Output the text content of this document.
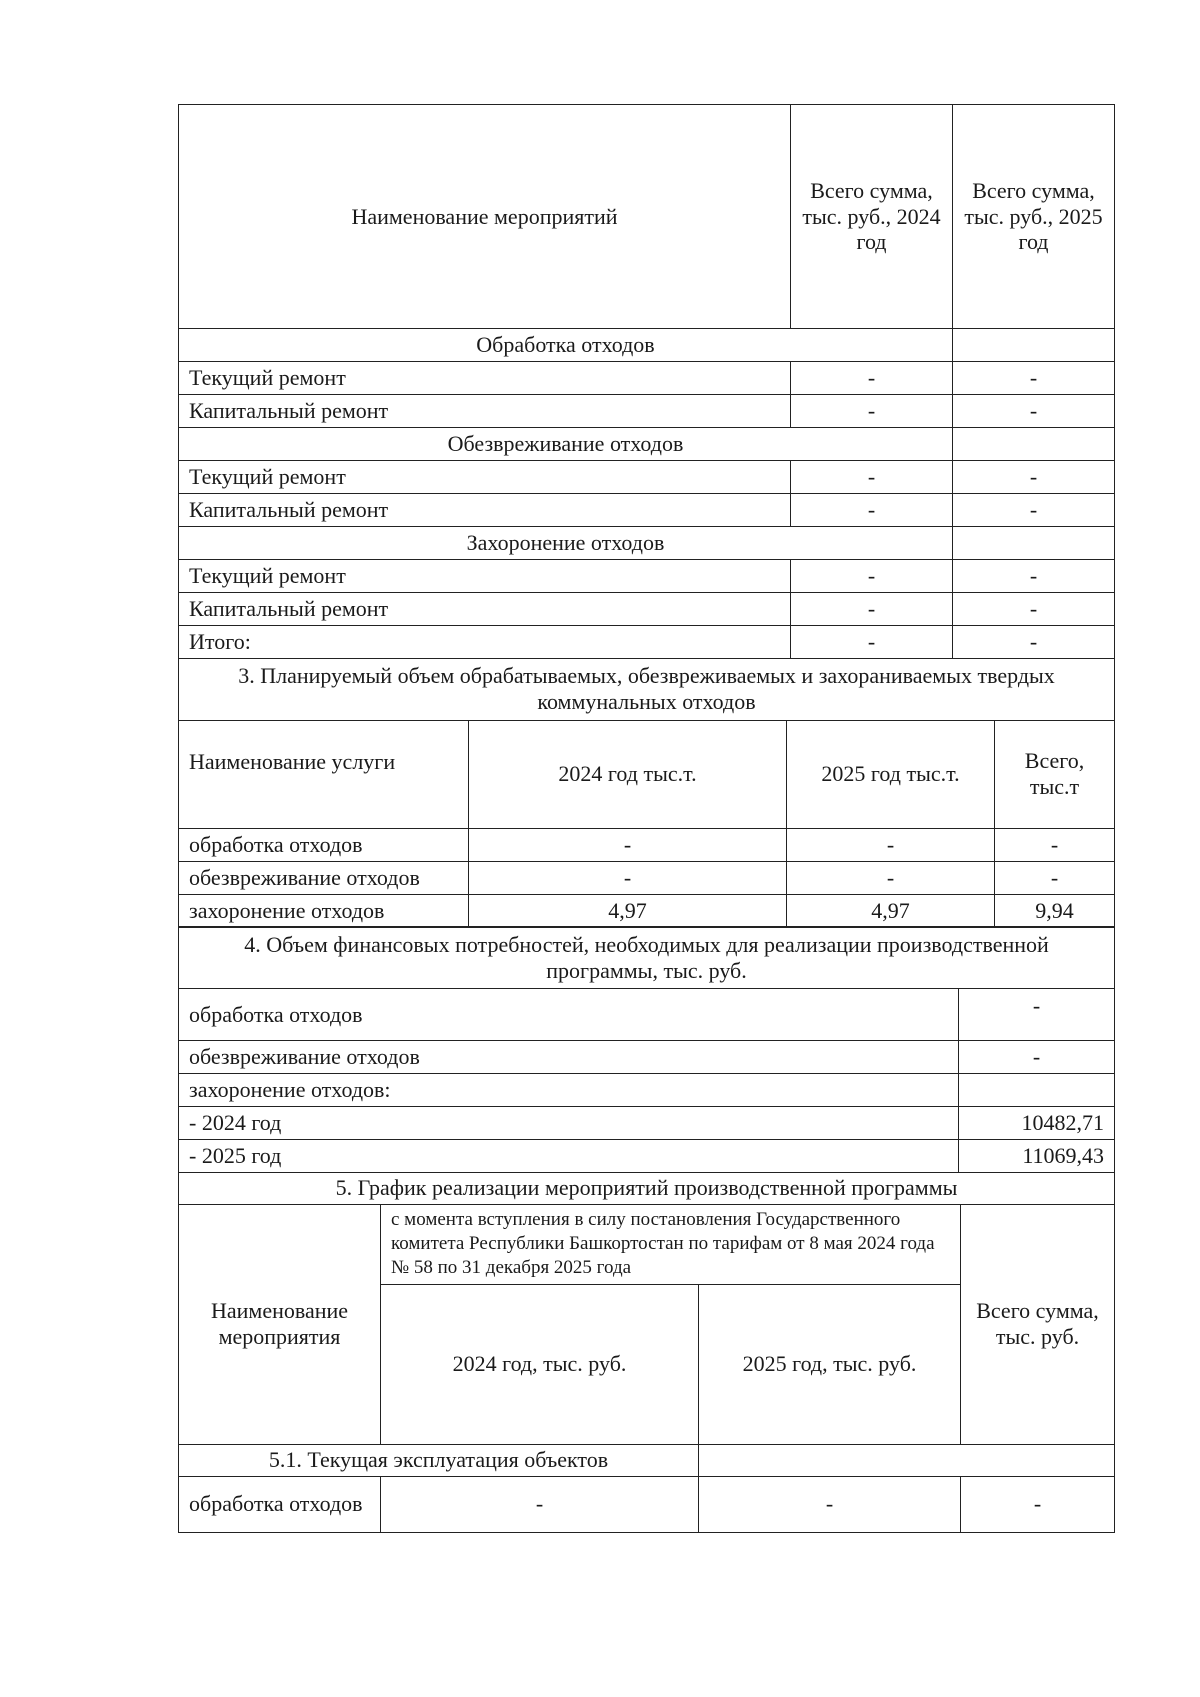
Наименование мероприятий	Всего сумма, тыс. руб., 2024 год	Всего сумма, тыс. руб., 2025 год
Обработка отходов		
Текущий ремонт	-	-
Капитальный ремонт	-	-
Обезвреживание отходов		
Текущий ремонт	-	-
Капитальный ремонт	-	-
Захоронение отходов		
Текущий ремонт	-	-
Капитальный ремонт	-	-
Итого:	-	-
3. Планируемый объем обрабатываемых, обезвреживаемых и захораниваемых твердых коммунальных отходов			
Наименование услуги	2024 год тыс.т.	2025 год тыс.т.	Всего, тыс.т
обработка отходов	-	-	-
обезвреживание отходов	-	-	-
захоронение отходов	4,97	4,97	9,94
4. Объем финансовых потребностей, необходимых для реализации производственной программы, тыс. руб.	
обработка отходов	-
обезвреживание отходов	-
захоронение отходов:	
- 2024 год	10482,71
- 2025 год	11069,43
5. График реализации мероприятий производственной программы			
Наименование мероприятия	с момента вступления в силу постановления Государственного комитета Республики Башкортостан по тарифам от 8 мая 2024 года № 58 по 31 декабря 2025 года		Всего сумма, тыс. руб.
	2024 год, тыс. руб.	2025 год, тыс. руб.	
5.1. Текущая эксплуатация объектов			
обработка отходов	-	-	-
